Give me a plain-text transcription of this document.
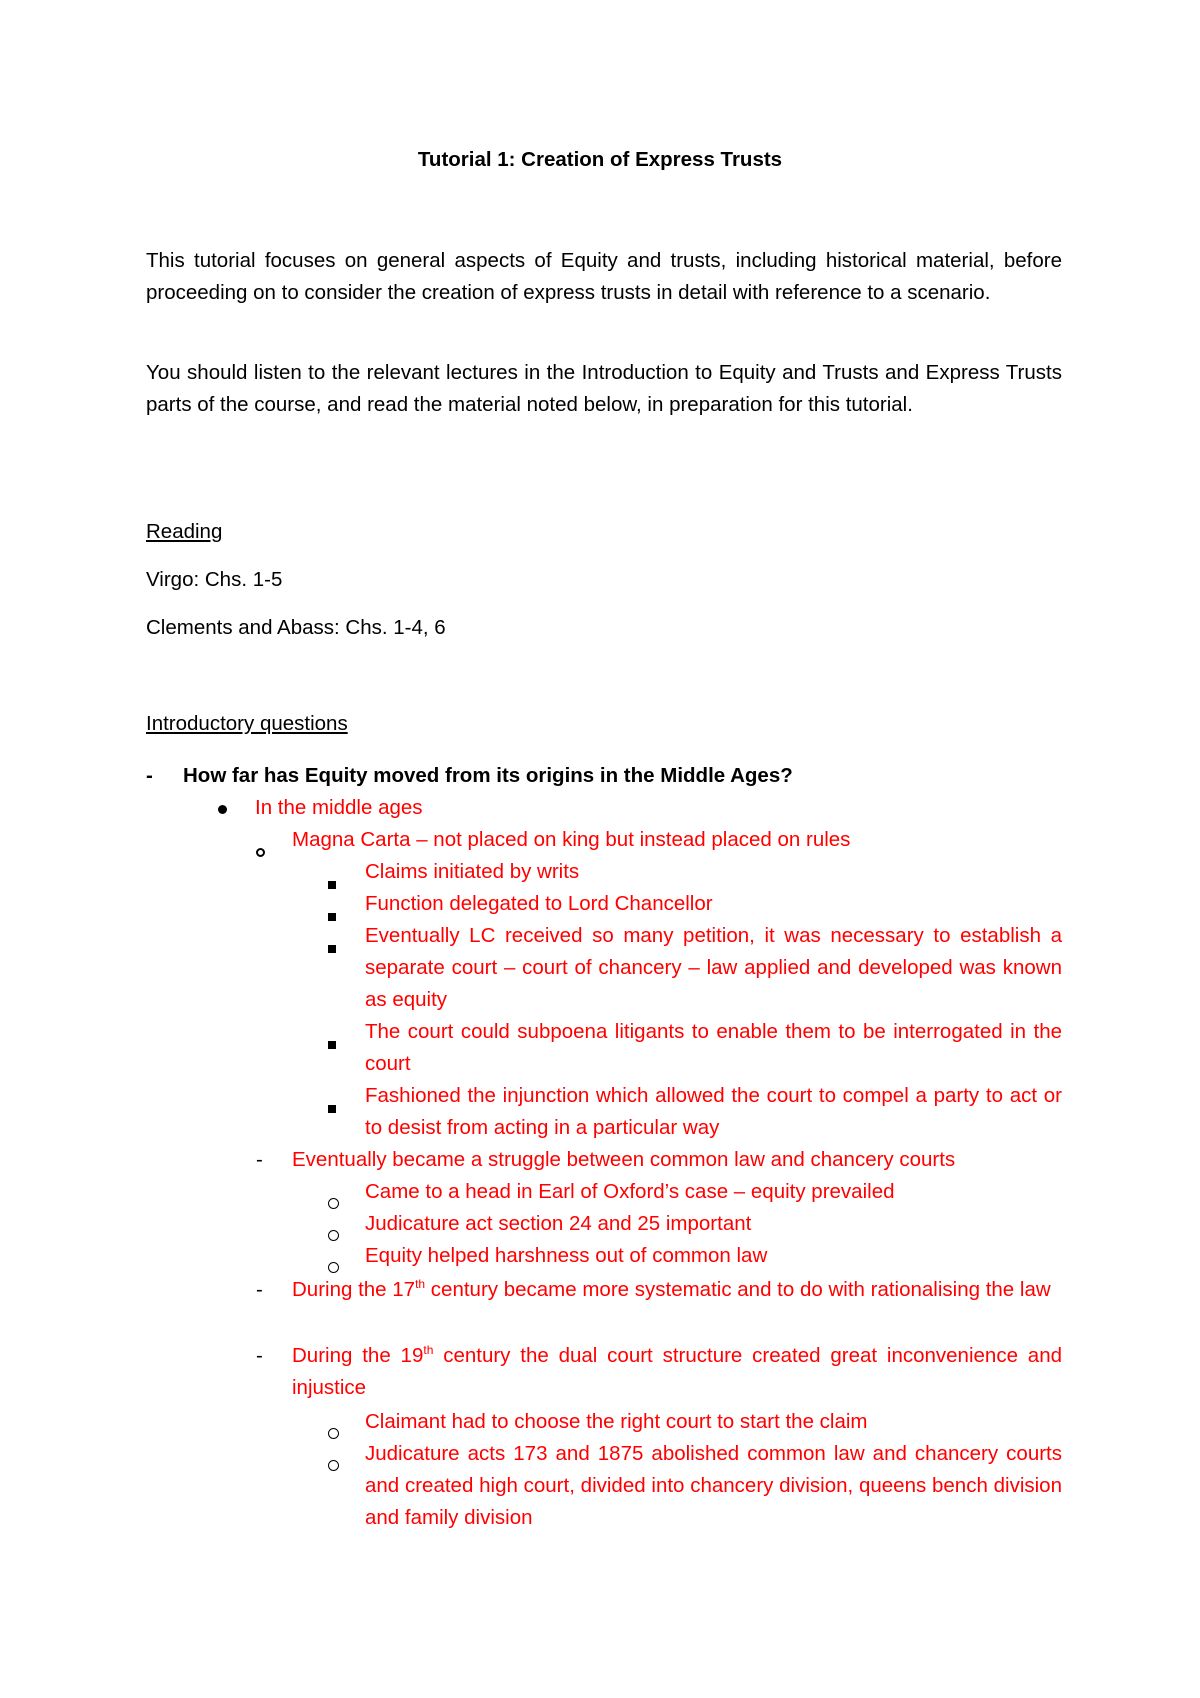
Tutorial 1: Creation of Express Trusts
This tutorial focuses on general aspects of Equity and trusts, including historical material, before proceeding on to consider the creation of express trusts in detail with reference to a scenario.
You should listen to the relevant lectures in the Introduction to Equity and Trusts and Express Trusts parts of the course, and read the material noted below, in preparation for this tutorial.
Reading
Virgo: Chs. 1-5
Clements and Abass: Chs. 1-4, 6
Introductory questions
- How far has Equity moved from its origins in the Middle Ages?
In the middle ages
Magna Carta – not placed on king but instead placed on rules
Claims initiated by writs
Function delegated to Lord Chancellor
Eventually LC received so many petition, it was necessary to establish a separate court – court of chancery – law applied and developed was known as equity
The court could subpoena litigants to enable them to be interrogated in the court
Fashioned the injunction which allowed the court to compel a party to act or to desist from acting in a particular way
- Eventually became a struggle between common law and chancery courts
Came to a head in Earl of Oxford’s case – equity prevailed
Judicature act section 24 and 25 important
Equity helped harshness out of common law
- During the 17th century became more systematic and to do with rationalising the law
- During the 19th century the dual court structure created great inconvenience and injustice
Claimant had to choose the right court to start the claim
Judicature acts 173 and 1875 abolished common law and chancery courts and created high court, divided into chancery division, queens bench division and family division
